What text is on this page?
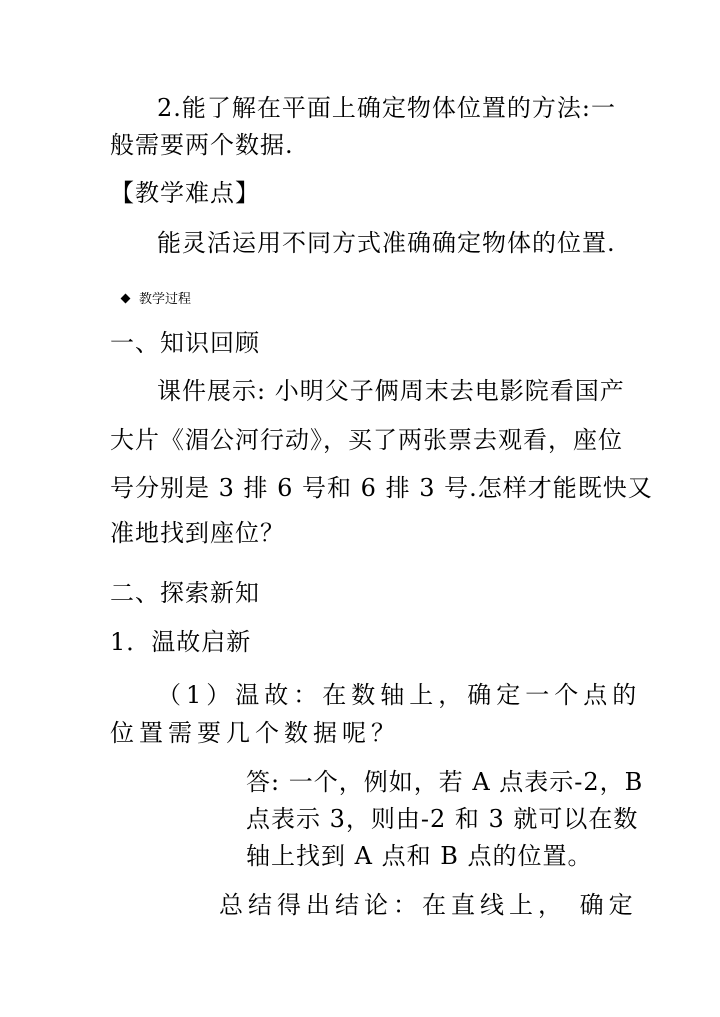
2.能了解在平面上确定物体位置的方法:一
般需要两个数据.
【教学难点】
能灵活运用不同方式准确确定物体的位置.
教学过程
一、知识回顾
课件展示: 小明父子俩周末去电影院看国产
大片《湄公河行动》，买了两张票去观看，座位
号分别是 3 排 6 号和 6 排 3 号.怎样才能既快又
准地找到座位？
二、探索新知
1．温故启新
（1）温故：在数轴上，确定一个点的
位置需要几个数据呢？
答: 一个，例如，若 A 点表示-2，B
点表示 3，则由-2 和 3 就可以在数
轴上找到 A 点和 B 点的位置。
总结得出结论：在直线上， 确定
